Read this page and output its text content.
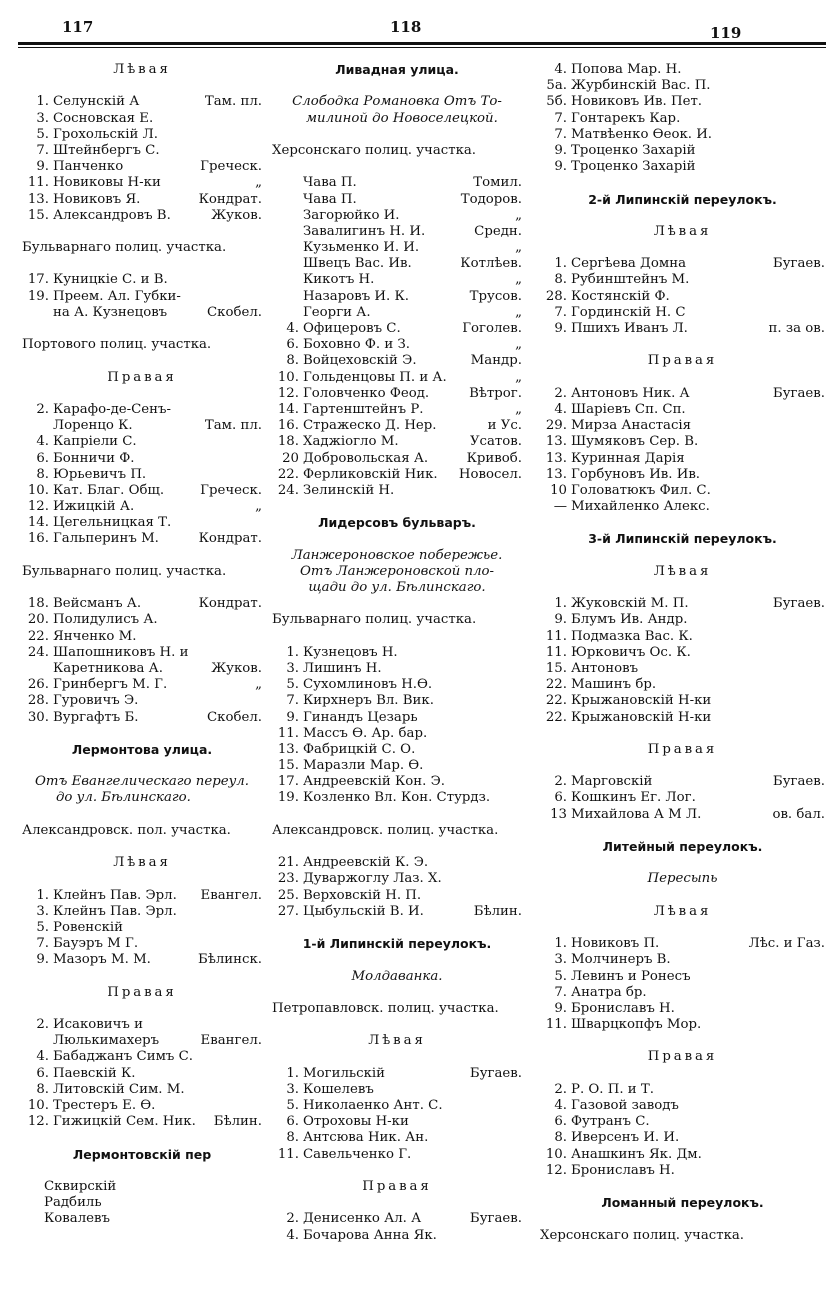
117	118	119
Лѣвая
1. Селунскій А	Там. пл.
3. Сосновская Е.
5. Грохольскій Л.
7. Штейнбергъ С.
9. Панченко	Греческ.
11. Новиковы Н-ки	„
13. Новиковъ Я.	Кондрат.
15. Александровъ В.	Жуков.
Бульварнаго полиц. участка.
17. Куницкіе С. и В.
19. Преем. Ал. Губки-
на А. Кузнецовъ	Скобел.
Портового полиц. участка.
Правая
2. Карафо-де-Сенъ-
Лоренцо К.	Там. пл.
4. Капріели С.
6. Бонничи Ф.
8. Юрьевичъ П.
10. Кат. Благ. Общ.	Греческ.
12. Ижицкій А.	„
14. Цегельницкая Т.
16. Гальперинъ М.	Кондрат.
Бульварнаго полиц. участка.
18. Вейсманъ А.	Кондрат.
20. Полидулисъ А.
22. Янченко М.
24. Шапошниковъ Н. и
Каретникова А.	Жуков.
26. Гринбергъ М. Г.	„
28. Гуровичъ Э.
30. Вургафтъ Б.	Скобел.
Лермонтова улица.
Отъ Евангелическаго переул.
до ул. Бѣлинскаго.
Александровск. пол. участка.
Лѣвая
1. Клейнъ Пав. Эрл.	Евангел.
3. Клейнъ Пав. Эрл.
5. Ровенскій
7. Бауэръ М Г.
9. Мазоръ М. М.	Бѣлинск.
Правая
2. Исаковичъ и
Люлькимахеръ	Евангел.
4. Бабаджанъ Симъ С.
6. Паевскій К.
8. Литовскій Сим. М.
10. Трестеръ Е. Ѳ.
12. Гижицкій Сем. Ник.	Бѣлин.
Лермонтовскій пер
Сквирскій
Радбиль
Ковалевъ
Ливадная улица.
Слободка Романовка Отъ То-
милиной до Новоселецкой.
Херсонскаго полиц. участка.
Чава П.	Томил.
Чава П.	Тодоров.
Загорюйко И.	„
Завалигинъ Н. И.	Средн.
Кузьменко И. И.	„
Швецъ Вас. Ив.	Котлѣев.
Кикотъ Н.	„
Назаровъ И. К.	Трусов.
Георги А.	„
4. Офицеровъ С.	Гоголев.
6. Боховно Ф. и З.	„
8. Войцеховскій Э.	Мандр.
10. Гольденцовы П. и А.	„
12. Головченко Феод.	Вѣтрог.
14. Гартенштейнъ Р.	„
16. Стражеско Д. Нер.	и Ус.
18. Хаджіогло М.	Усатов.
20 Добровольская А.	Кривоб.
22. Ферликовскій Ник.	Новосел.
24. Зелинскій Н.
Лидерсовъ бульваръ.
Ланжероновское побережье.
Отъ Ланжероновской пло-
щади до ул. Бѣлинскаго.
Бульварнаго полиц. участка.
1. Кузнецовъ Н.
3. Лишинъ Н.
5. Сухомлиновъ Н.Ѳ.
7. Кирхнеръ Вл. Вик.
9. Гинандъ Цезарь
11. Массъ Ѳ. Ар. бар.
13. Фабрицкій С. О.
15. Маразли Мар. Ѳ.
17. Андреевскій Кон. Э.
19. Козленко Вл. Кон. Стурдз.
Александровск. полиц. участка.
21. Андреевскій К. Э.
23. Дуваржоглу Лаз. Х.
25. Верховскій Н. П.
27. Цыбульскій В. И.	Бѣлин.
1-й Липинскій переулокъ.
Молдаванка.
Петропавловск. полиц. участка.
Лѣвая
1. Могильскій	Бугаев.
3. Кошелевъ
5. Николаенко Ант. С.
6. Отроховы Н-ки
8. Антсюва Ник. Ан.
11. Савельченко Г.
Правая
2. Денисенко Ал. А	Бугаев.
4. Бочарова Анна Як.
4. Попова Мар. Н.
5а. Журбинскій Вас. П.
5б. Новиковъ Ив. Пет.
7. Гонтарекъ Кар.
7. Матвѣенко Ѳеок. И.
9. Троценко Захарій
9. Троценко Захарій
2-й Липинскій переулокъ.
Лѣвая
1. Сергѣева Домна	Бугаев.
8. Рубинштейнъ М.
28. Костянскій Ф.
7. Гординскій Н. С
9. Пшихъ Иванъ Л.	п. за ов.
Правая
2. Антоновъ Ник. А	Бугаев.
4. Шаріевъ Сп. Сп.
29. Мирза Анастасія
13. Шумяковъ Сер. В.
13. Куринная Дарія
13. Горбуновъ Ив. Ив.
10 Головатюкъ Фил. С.
— Михайленко Алекс.
3-й Липинскій переулокъ.
Лѣвая
1. Жуковскій М. П.	Бугаев.
9. Блумъ Ив. Андр.
11. Подмазка Вас. К.
11. Юрковичъ Ос. К.
15. Антоновъ
22. Машинъ бр.
22. Крыжановскій Н-ки
22. Крыжановскій Н-ки
Правая
2. Марговскій	Бугаев.
6. Кошкинъ Ег. Лог.
13 Михайлова А М Л.	ов. бал.
Литейный переулокъ.
Пересыпь
Лѣвая
1. Новиковъ П.	Лѣс. и Газ.
3. Молчинеръ В.
5. Левинъ и Ронесъ
7. Анатра бр.
9. Брониславъ Н.
11. Шварцкопфъ Мор.
Правая
2. Р. О. П. и Т.
4. Газовой заводъ
6. Футранъ С.
8. Иверсенъ И. И.
10. Анашкинъ Як. Дм.
12. Брониславъ Н.
Ломанный переулокъ.
Херсонскаго полиц. участка.
